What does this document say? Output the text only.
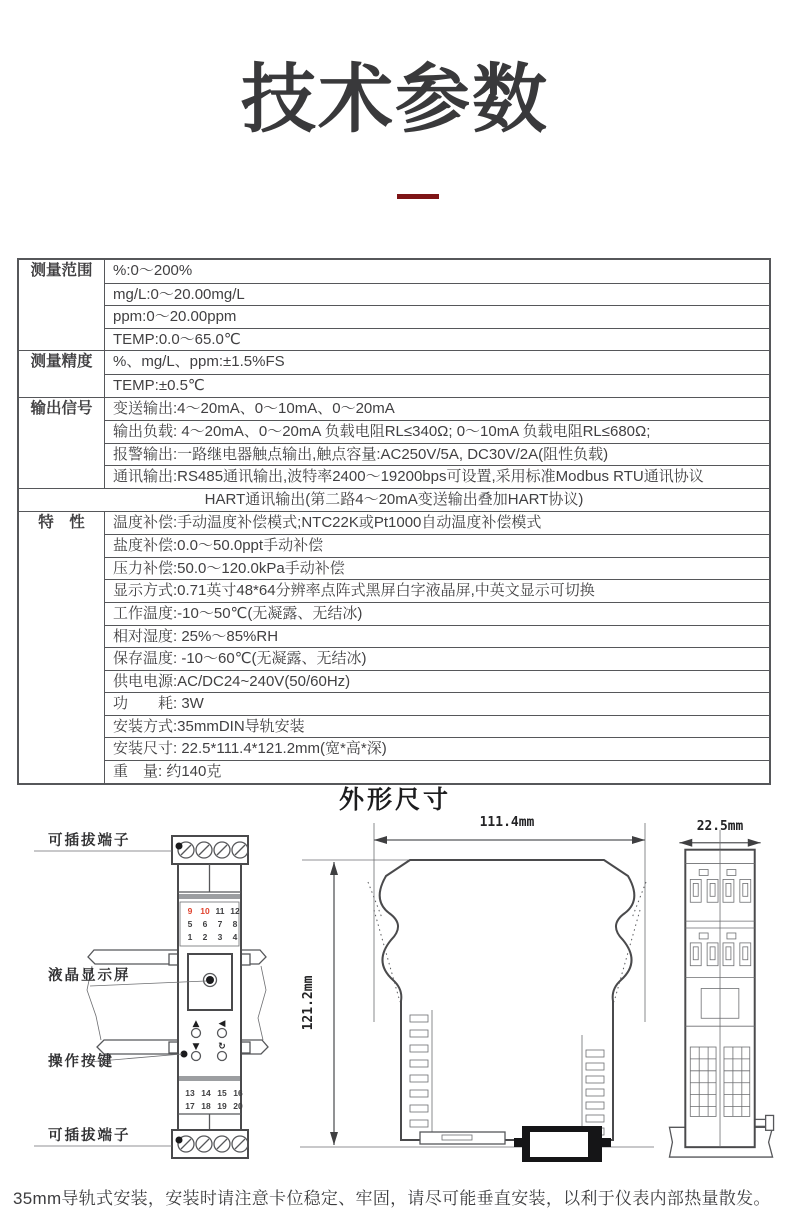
技术参数
测量范围	%:0～200%
mg/L:0～20.00mg/L
ppm:0～20.00ppm
TEMP:0.0～65.0℃
测量精度	%、mg/L、ppm:±1.5%FS
TEMP:±0.5℃
输出信号	变送输出:4～20mA、0～10mA、0～20mA
输出负载: 4～20mA、0～20mA 负载电阻RL≤340Ω; 0～10mA 负载电阻RL≤680Ω;
报警输出:一路继电器触点输出,触点容量:AC250V/5A, DC30V/2A(阻性负载)
通讯输出:RS485通讯输出,波特率2400～19200bps可设置,采用标准Modbus RTU通讯协议
HART通讯输出(第二路4～20mA变送输出叠加HART协议)
特　性	温度补偿:手动温度补偿模式;NTC22K或Pt1000自动温度补偿模式
盐度补偿:0.0～50.0ppt手动补偿
压力补偿:50.0～120.0kPa手动补偿
显示方式:0.71英寸48*64分辨率点阵式黑屏白字液晶屏,中英文显示可切换
工作温度:-10～50℃(无凝露、无结冰)
相对湿度: 25%～85%RH
保存温度: -10～60℃(无凝露、无结冰)
供电电源:AC/DC24~240V(50/60Hz)
功　　耗: 3W
安装方式:35mmDIN导轨安装
安装尺寸: 22.5*111.4*121.2mm(宽*高*深)
重　量: 约140克
外形尺寸
9 10 11 12
5 6 7 8
1 2 3 4
▲ ◀
▼ ↻
13 14 15 16
17 18 19 20
可插拔端子
液晶显示屏
操作按键
可插拔端子
111.4mm
121.2mm
22.5mm

35mm导轨式安装，安装时请注意卡位稳定、牢固，请尽可能垂直安装，以利于仪表内部热量散发。
